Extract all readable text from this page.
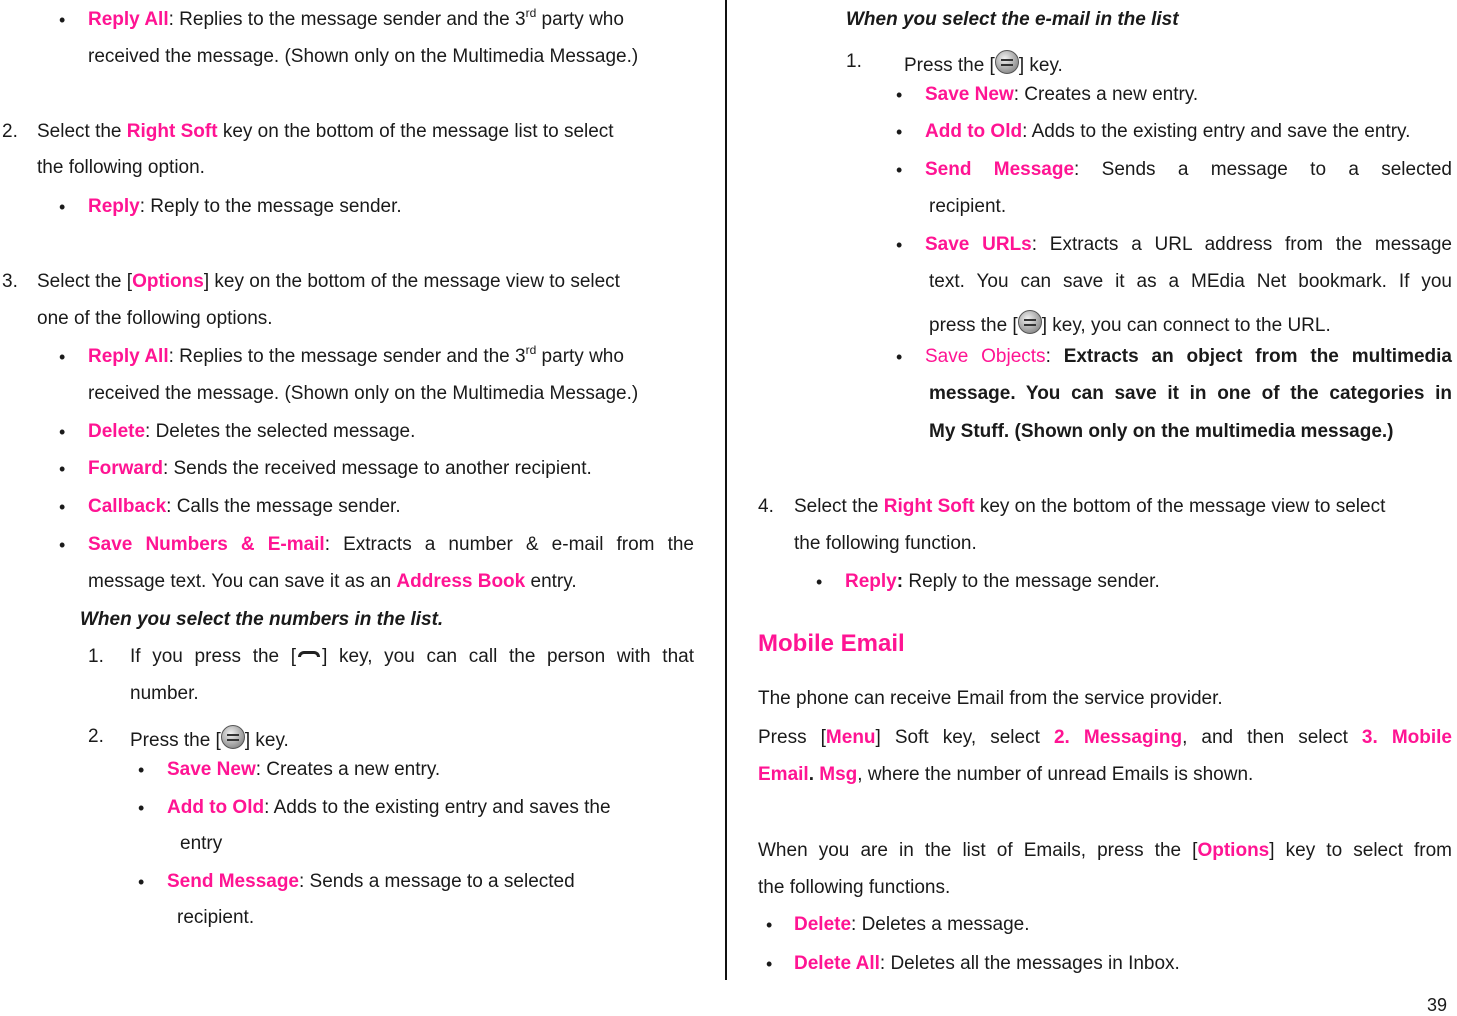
• Reply All: Replies to the message sender and the 3rd party who
received the message. (Shown only on the Multimedia Message.)
2. Select the Right Soft key on the bottom of the message list to select
the following option.
• Reply: Reply to the message sender.
3. Select the [Options] key on the bottom of the message view to select
one of the following options.
• Reply All: Replies to the message sender and the 3rd party who
received the message. (Shown only on the Multimedia Message.)
• Delete: Deletes the selected message.
• Forward: Sends the received message to another recipient.
• Callback: Calls the message sender.
• Save Numbers & E-mail: Extracts a number & e-mail from the
message text. You can save it as an Address Book entry.
When you select the numbers in the list.
1. If you press the [ ] key, you can call the person with that
number.
2. Press the [ ] key.
• Save New: Creates a new entry.
• Add to Old: Adds to the existing entry and saves the
entry
• Send Message: Sends a message to a selected
recipient.
When you select the e-mail in the list
1. Press the [ ] key.
• Save New: Creates a new entry.
• Add to Old: Adds to the existing entry and save the entry.
• Send Message: Sends a message to a selected
recipient.
• Save URLs: Extracts a URL address from the message
text. You can save it as a MEdia Net bookmark. If you
press the [ ] key, you can connect to the URL.
• Save Objects: Extracts an object from the multimedia
message. You can save it in one of the categories in
My Stuff. (Shown only on the multimedia message.)
4. Select the Right Soft key on the bottom of the message view to select
the following function.
• Reply: Reply to the message sender.
Mobile Email
The phone can receive Email from the service provider.
Press [Menu] Soft key, select 2. Messaging, and then select 3. Mobile
Email. Msg, where the number of unread Emails is shown.
When you are in the list of Emails, press the [Options] key to select from
the following functions.
• Delete: Deletes a message.
• Delete All: Deletes all the messages in Inbox.
39
